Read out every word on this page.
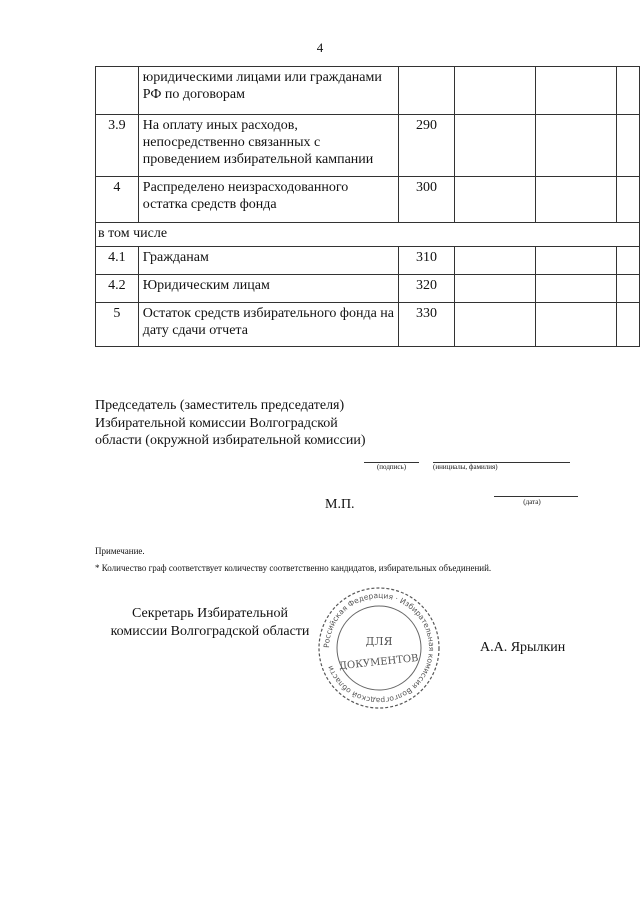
4
	юридическими лицами или гражданами РФ по договорам				
3.9	На оплату иных расходов, непосредственно связанных с проведением избирательной кампании	290			
4	Распределено неизрасходованного остатка средств фонда	300			
в том числе					
4.1	Гражданам	310			
4.2	Юридическим лицам	320			
5	Остаток средств избирательного фонда на дату сдачи отчета	330			
Председатель (заместитель председателя) Избирательной комиссии Волгоградской области (окружной избирательной комиссии)
(подпись)	(инициалы, фамилия)
М.П.	(дата)
Примечание.
* Количество граф соответствует количеству соответственно кандидатов, избирательных объединений.
Секретарь Избирательной комиссии Волгоградской области
А.А. Ярылкин
Российская Федерация · Избирательная комиссия Волгоградской области
ДЛЯ
ДОКУМЕНТОВ
